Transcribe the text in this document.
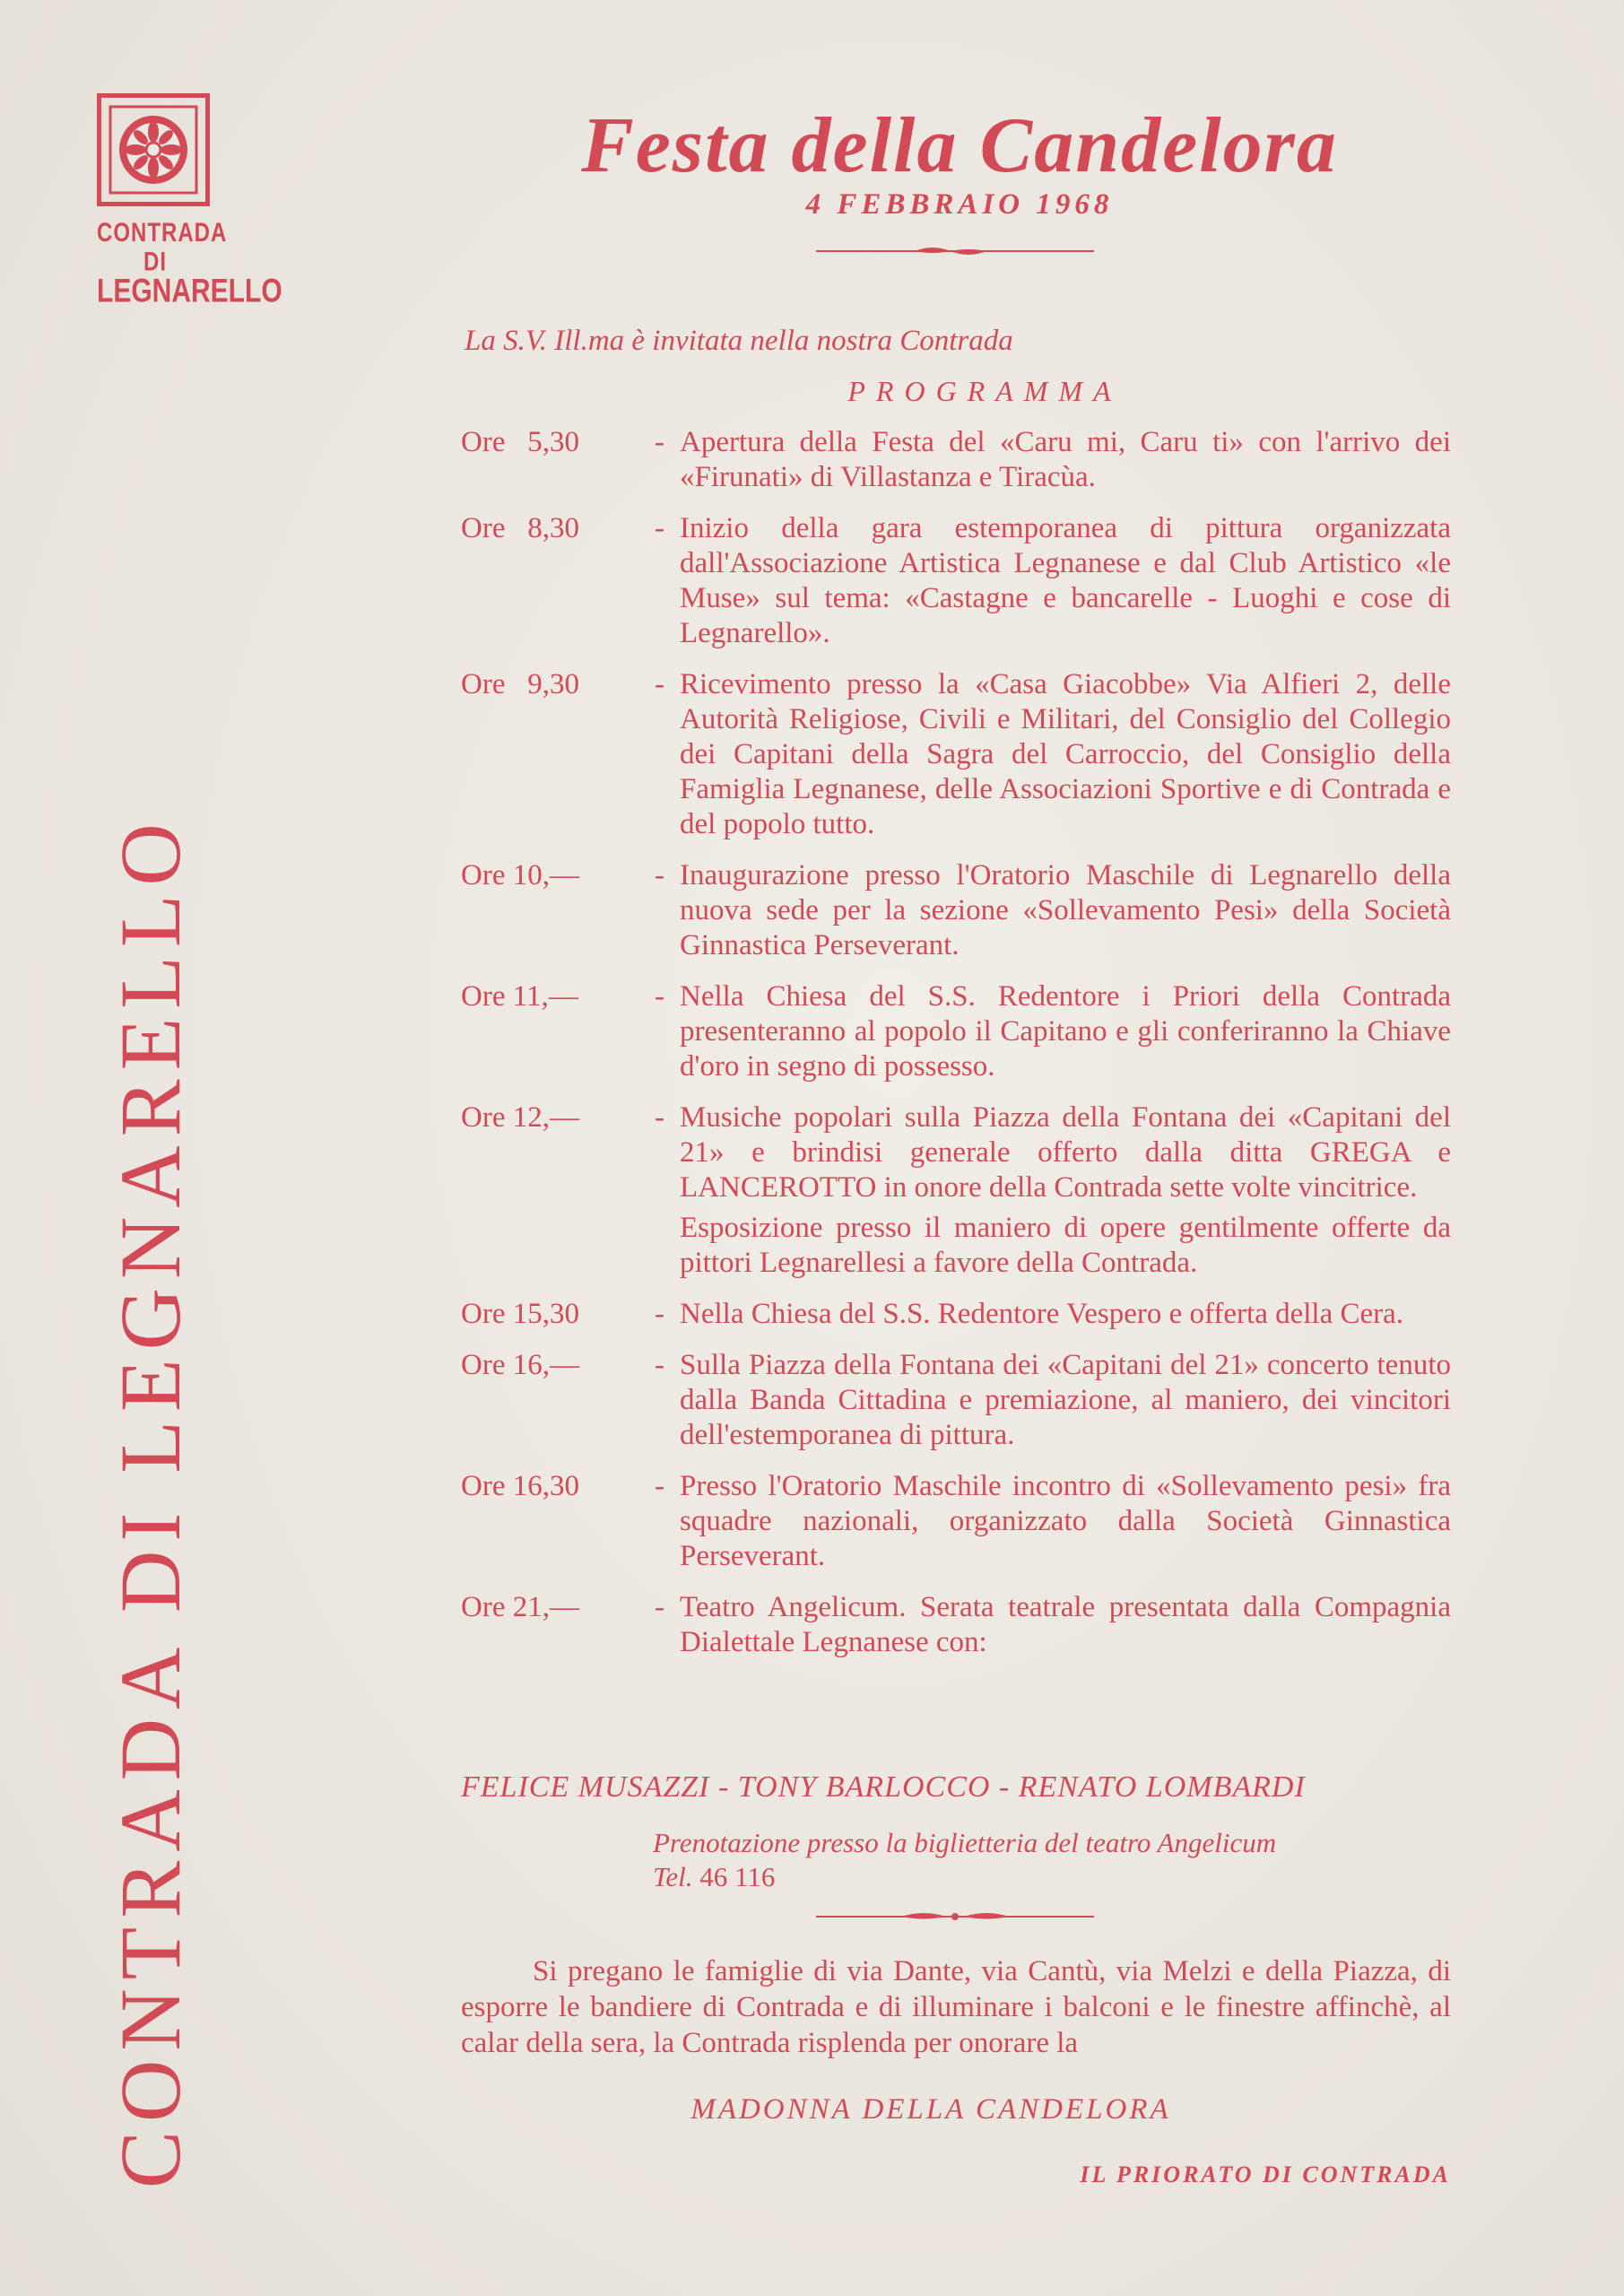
CONTRADA DI
LEGNARELLO
CONTRADA DI LEGNARELLO
Festa della Candelora
4 FEBBRAIO 1968
La S.V. Ill.ma è invitata nella nostra Contrada
PROGRAMMA
Ore   5,30	- Apertura della Festa del «Caru mi, Caru ti» con l'arrivo dei «Firunati» di Villastanza e Tiracùa.
Ore   8,30	- Inizio della gara estemporanea di pittura organizzata dall'Associazione Artistica Legnanese e dal Club Artistico «le Muse» sul tema: «Castagne e bancarelle - Luoghi e cose di Legnarello».
Ore   9,30	- Ricevimento presso la «Casa Giacobbe» Via Alfieri 2, delle Autorità Religiose, Civili e Militari, del Consiglio del Collegio dei Capitani della Sagra del Carroccio, del Consiglio della Famiglia Legnanese, delle Associazioni Sportive e di Contrada e del popolo tutto.
Ore 10,—	- Inaugurazione presso l'Oratorio Maschile di Legnarello della nuova sede per la sezione «Sollevamento Pesi» della Società Ginnastica Perseverant.
Ore 11,—	- Nella Chiesa del S.S. Redentore i Priori della Contrada presenteranno al popolo il Capitano e gli conferiranno la Chiave d'oro in segno di possesso.
Ore 12,—	- Musiche popolari sulla Piazza della Fontana dei «Capitani del 21» e brindisi generale offerto dalla ditta GREGA e LANCEROTTO in onore della Contrada sette volte vincitrice.
Esposizione presso il maniero di opere gentilmente offerte da pittori Legnarellesi a favore della Contrada.
Ore 15,30	- Nella Chiesa del S.S. Redentore Vespero e offerta della Cera.
Ore 16,—	- Sulla Piazza della Fontana dei «Capitani del 21» concerto tenuto dalla Banda Cittadina e premiazione, al maniero, dei vincitori dell'estemporanea di pittura.
Ore 16,30	- Presso l'Oratorio Maschile incontro di «Sollevamento pesi» fra squadre nazionali, organizzato dalla Società Ginnastica Perseverant.
Ore 21,—	- Teatro Angelicum. Serata teatrale presentata dalla Compagnia Dialettale Legnanese con:
FELICE MUSAZZI - TONY BARLOCCO - RENATO LOMBARDI
Prenotazione presso la biglietteria del teatro Angelicum
Tel. 46 116
Si pregano le famiglie di via Dante, via Cantù, via Melzi e della Piazza, di esporre le bandiere di Contrada e di illuminare i balconi e le finestre affinchè, al calar della sera, la Contrada risplenda per onorare la
MADONNA DELLA CANDELORA
IL PRIORATO DI CONTRADA
